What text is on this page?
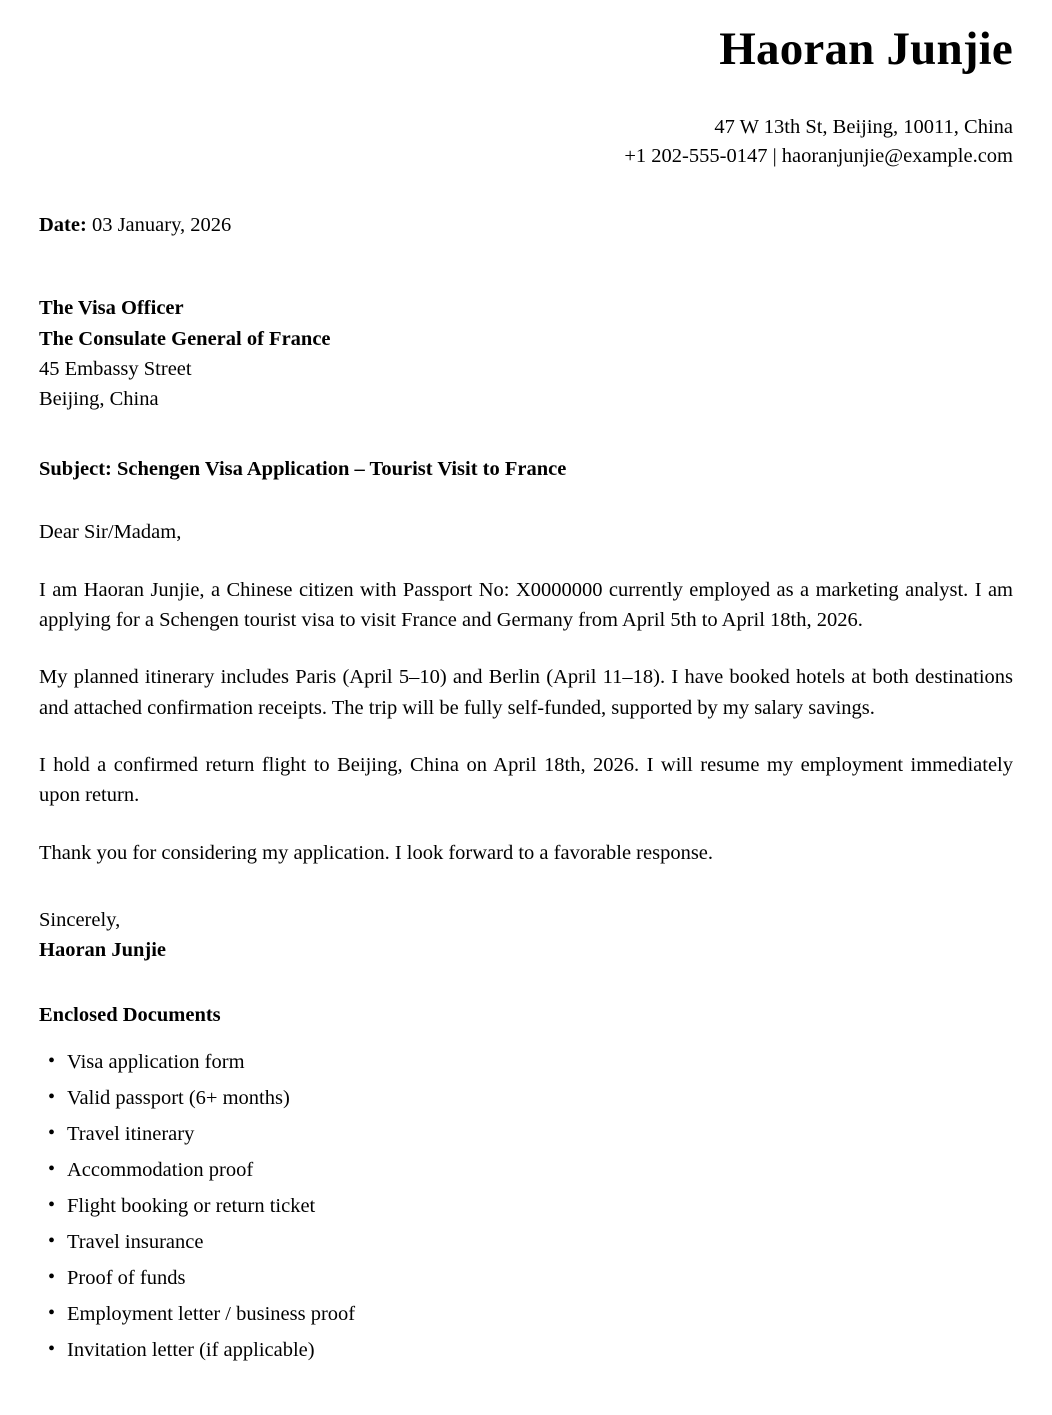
Haoran Junjie
47 W 13th St, Beijing, 10011, China
+1 202-555-0147 | haoranjunjie@example.com

Date: 03 January, 2026

The Visa Officer
The Consulate General of France
45 Embassy Street
Beijing, China

Subject: Schengen Visa Application – Tourist Visit to France

Dear Sir/Madam,

I am Haoran Junjie, a Chinese citizen with Passport No: X0000000 currently employed as a marketing analyst. I am applying for a Schengen tourist visa to visit France and Germany from April 5th to April 18th, 2026.

My planned itinerary includes Paris (April 5–10) and Berlin (April 11–18). I have booked hotels at both destinations and attached confirmation receipts. The trip will be fully self-funded, supported by my salary savings.

I hold a confirmed return flight to Beijing, China on April 18th, 2026. I will resume my employment immediately upon return.

Thank you for considering my application. I look forward to a favorable response.

Sincerely,
Haoran Junjie

Enclosed Documents

• Visa application form
• Valid passport (6+ months)
• Travel itinerary
• Accommodation proof
• Flight booking or return ticket
• Travel insurance
• Proof of funds
• Employment letter / business proof
• Invitation letter (if applicable)
